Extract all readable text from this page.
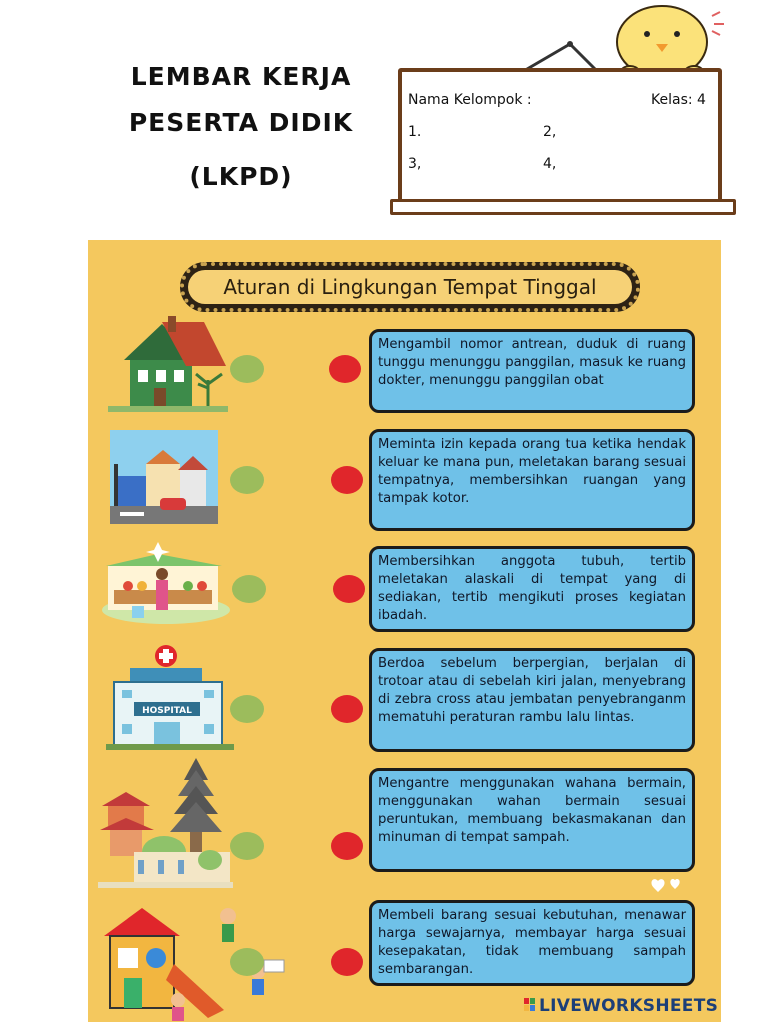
LEMBAR KERJA
PESERTA DIDIK
(LKPD)
Nama Kelompok :	Kelas: 4
1.	2,
3,	4,
Aturan di Lingkungan Tempat Tinggal
HOSPITAL
Mengambil nomor antrean, duduk di ruang tunggu menunggu panggilan, masuk ke ruang dokter, menunggu panggilan obat
Meminta izin kepada orang tua ketika hendak keluar ke mana pun, meletakan barang sesuai tempatnya, membersihkan ruangan yang tampak kotor.
Membersihkan anggota tubuh, tertib meletakan alaskali di tempat yang di sediakan, tertib mengikuti proses kegiatan ibadah.
Berdoa sebelum berpergian, berjalan di trotoar atau di sebelah kiri jalan, menyebrang di zebra cross atau jembatan penyebranganm mematuhi peraturan rambu lalu lintas.
Mengantre menggunakan wahana bermain, menggunakan wahan bermain sesuai peruntukan, membuang bekasmakanan dan minuman di tempat sampah.
Membeli barang sesuai kebutuhan, menawar harga sewajarnya, membayar harga sesuai kesepakatan, tidak membuang sampah sembarangan.
LIVEWORKSHEETS
